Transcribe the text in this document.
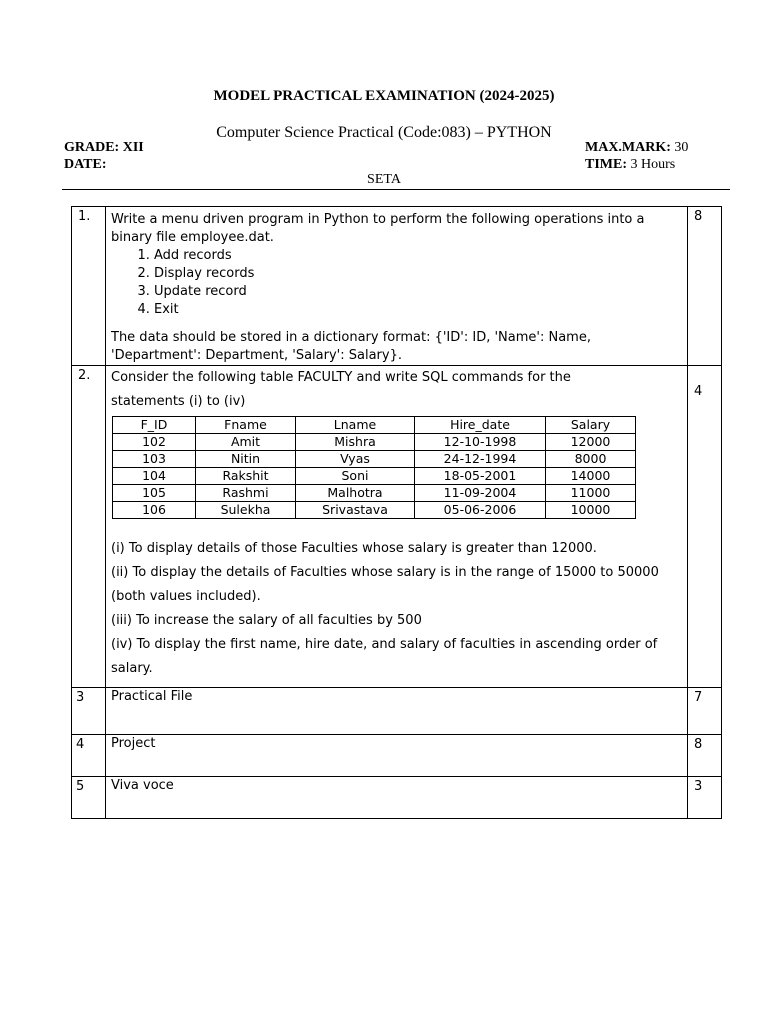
MODEL PRACTICAL EXAMINATION (2024-2025)
Computer Science Practical (Code:083) – PYTHON
GRADE: XII
DATE:
MAX.MARK: 30
TIME: 3 Hours
SETA
1.	Write a menu driven program in Python to perform the following operations into a binary file employee.dat.
1. Add records
2. Display records
3. Update record
4. Exit
The data should be stored in a dictionary format: {'ID': ID, 'Name': Name, 'Department': Department, 'Salary': Salary}.
	8
2.	Consider the following table FACULTY and write SQL commands for the
statements (i) to (iv)
F_ID	Fname	Lname	Hire_date	Salary
102	Amit	Mishra	12-10-1998	12000
103	Nitin	Vyas	24-12-1994	8000
104	Rakshit	Soni	18-05-2001	14000
105	Rashmi	Malhotra	11-09-2004	11000
106	Sulekha	Srivastava	05-06-2006	10000
(i) To display details of those Faculties whose salary is greater than 12000.
(ii) To display the details of Faculties whose salary is in the range of 15000 to 50000 (both values included).
(iii) To increase the salary of all faculties by 500
(iv) To display the first name, hire date, and salary of faculties in ascending order of salary.
	4
3	Practical File	7
4	Project	8
5	Viva voce	3
